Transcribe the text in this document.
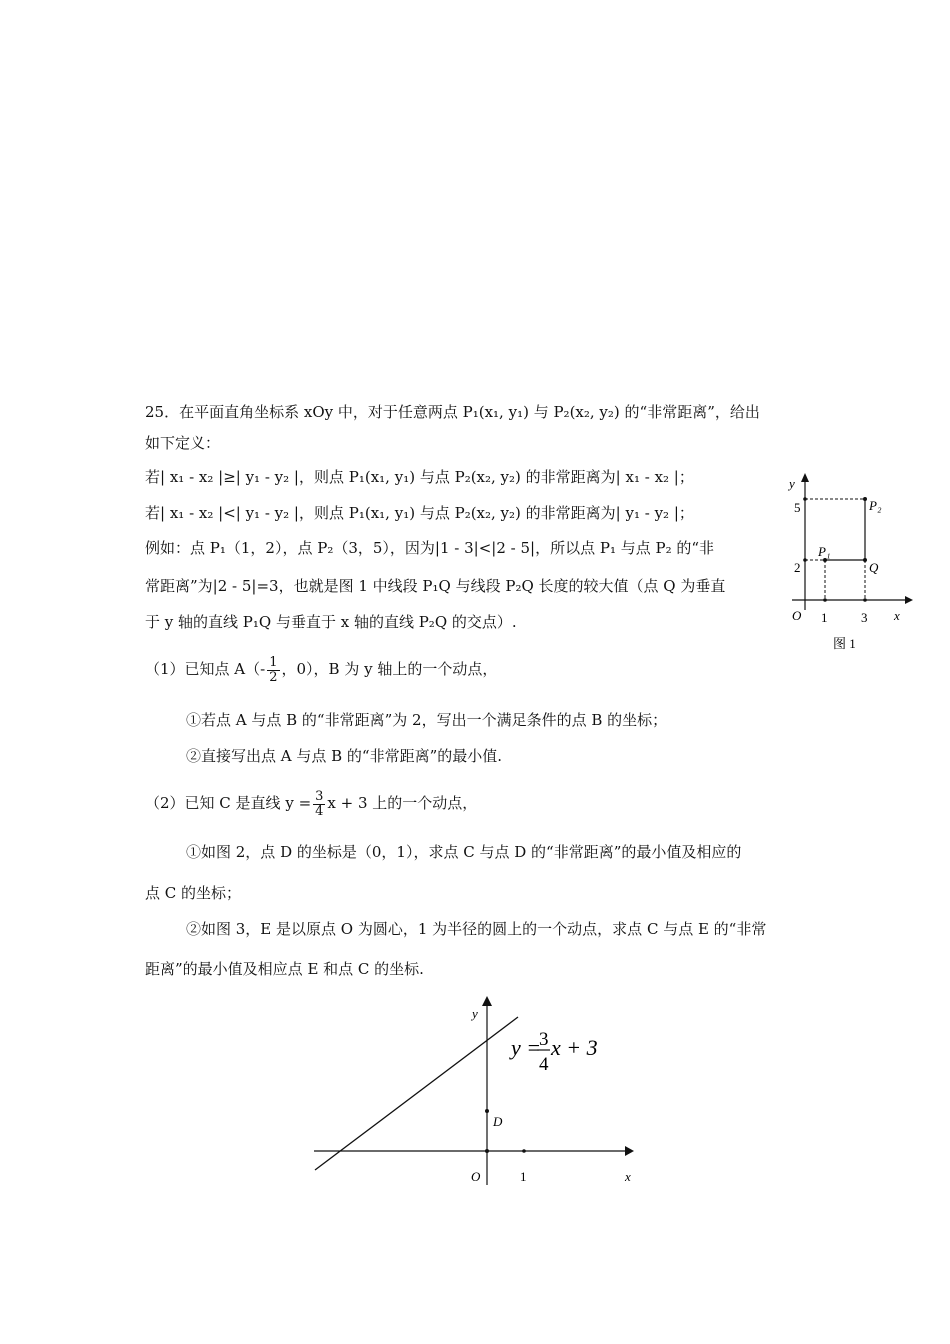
25．在平面直角坐标系 xOy 中，对于任意两点 P₁(x₁, y₁) 与 P₂(x₂, y₂) 的“非常距离”，给出
如下定义：
若| x₁ - x₂ |≥| y₁ - y₂ |，则点 P₁(x₁, y₁) 与点 P₂(x₂, y₂) 的非常距离为| x₁ - x₂ |；
若| x₁ - x₂ |<| y₁ - y₂ |，则点 P₁(x₁, y₁) 与点 P₂(x₂, y₂) 的非常距离为| y₁ - y₂ |；
例如：点 P₁（1，2），点 P₂（3，5），因为|1 - 3|<|2 - 5|，所以点 P₁ 与点 P₂ 的“非
常距离”为|2 - 5|=3，也就是图 1 中线段 P₁Q 与线段 P₂Q 长度的较大值（点 Q 为垂直
于 y 轴的直线 P₁Q 与垂直于 x 轴的直线 P₂Q 的交点）.
（1）已知点 $A(- \frac{1}{2}$ ，0），B 为 y 轴上的一个动点，
①若点 A 与点 B 的“非常距离”为 2，写出一个满足条件的点 B 的坐标；
②直接写出点 A 与点 B 的“非常距离”的最小值.
（2）已知 C 是直线 $y = \frac{3}{4}$ x + 3 上的一个动点，
①如图 2，点 D 的坐标是（0，1），求点 C 与点 D 的“非常距离”的最小值及相应的
点 C 的坐标；
②如图 3，E 是以原点 O 为圆心，1 为半径的圆上的一个动点，求点 C 与点 E 的“非常
距离”的最小值及相应点 E 和点 C 的坐标.
y
x
O 1	3
5
2
P₁
P₂
Q
图 1
y
x
O	1
D
y =
3
4
x + 3
